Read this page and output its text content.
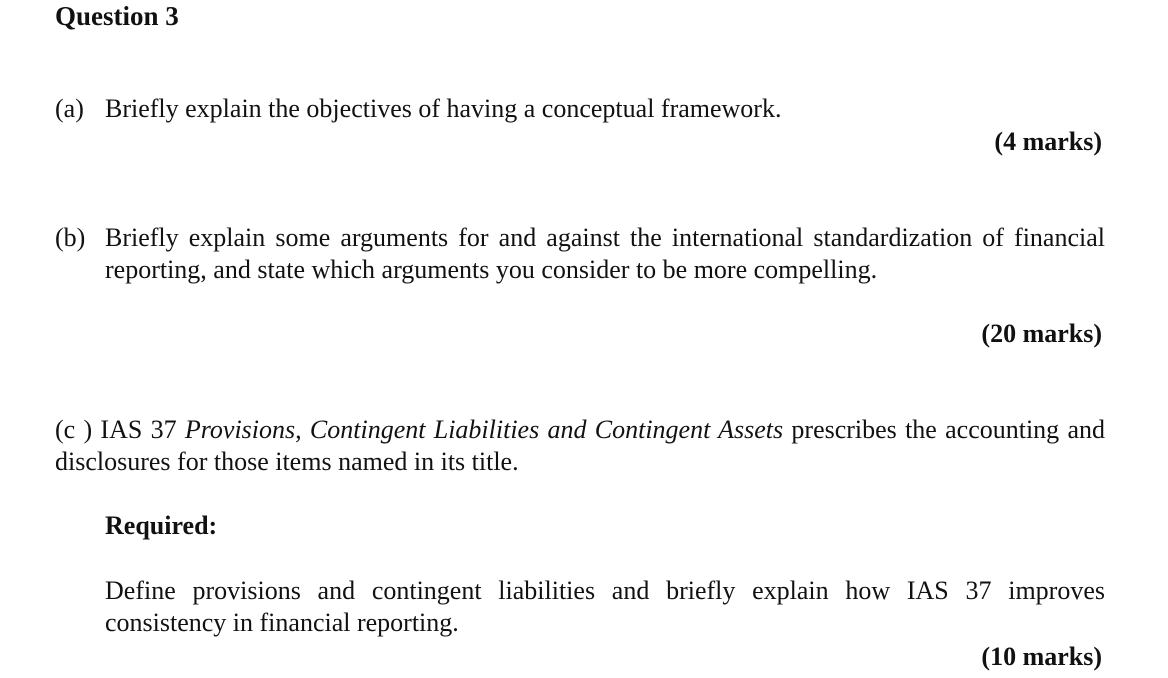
Question 3
(a) Briefly explain the objectives of having a conceptual framework.
(4 marks)
(b) Briefly explain some arguments for and against the international standardization of financial reporting, and state which arguments you consider to be more compelling.
(20 marks)
(c ) IAS 37 Provisions, Contingent Liabilities and Contingent Assets prescribes the accounting and disclosures for those items named in its title.
Required:
Define provisions and contingent liabilities and briefly explain how IAS 37 improves consistency in financial reporting.
(10 marks)
